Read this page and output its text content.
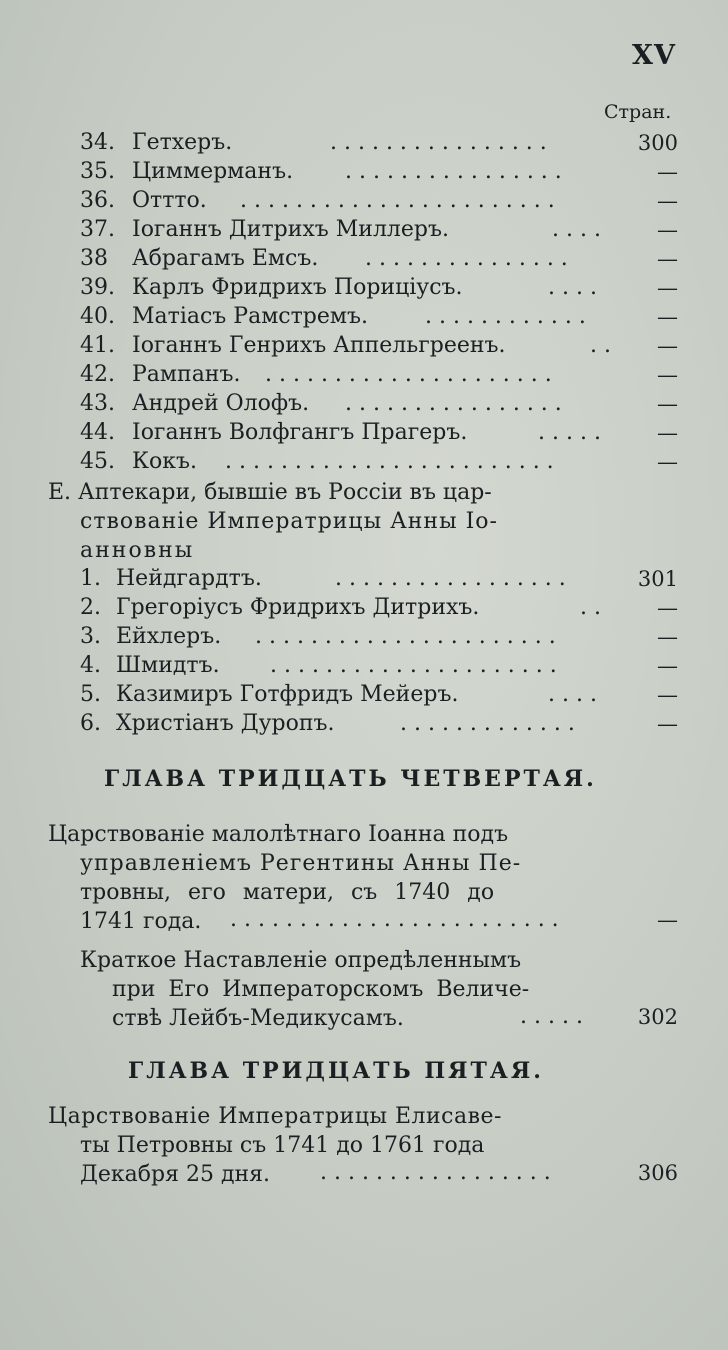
XV
Стран.
34. Гетхеръ.	. . . . . . . . . . . . . . . .	300
35. Циммерманъ. . . . . . . . . . . . . . . . .	—
36. Оттто. . . . . . . . . . . . . . . . . . . . . . . .	—
37. Іоганнъ Дитрихъ Миллеръ.	. . . .	—
38 Абрагамъ Емсъ. . . . . . . . . . . . . . . .	—
39. Карлъ Фридрихъ Порицiусъ.	. . . .	—
40. Матiасъ Рамстремъ.	. . . . . . . . . . . .	—
41. Іоганнъ Генрихъ Аппельгреенъ.	. .	—
42. Рампанъ. . . . . . . . . . . . . . . . . . . . . .	—
43. Андрей Олофъ. . . . . . . . . . . . . . . . .	—
44. Іоганнъ Волфгангъ Прагеръ.	. . . . .	—
45. Кокъ. . . . . . . . . . . . . . . . . . . . . . . . .	—
Е. Аптекари, бывшiе въ Россiи въ цар-
ствованiе Императрицы Анны Іо-
анновны
1. Нейдгардтъ.	. . . . . . . . . . . . . . . . .	301
2. Грегорiусъ Фридрихъ Дитрихъ.	. .	—
3. Ейхлеръ. . . . . . . . . . . . . . . . . . . . . . .	—
4. Шмидтъ. . . . . . . . . . . . . . . . . . . . . .	—
5. Казимиръ Готфридъ Мейеръ.	. . . .	—
6. Христiанъ Дуропъ.	. . . . . . . . . . . . .	—
ГЛАВА ТРИДЦАТЬ ЧЕТВЕРТАЯ.
Царствованiе малолѣтнаго Іоанна подъ
управленiемъ Регентины Анны Пе-
тровны, его матери, съ 1740 до
1741 года. . . . . . . . . . . . . . . . . . . . . . . . .	—
Краткое Наставленiе опредѣленнымъ
при Его Императорскомъ Величе-
ствѣ Лейбъ-Медикусамъ.	. . . . .	302
ГЛАВА ТРИДЦАТЬ ПЯТАЯ.
Царствованiе Императрицы Елисаве-
ты Петровны съ 1741 до 1761 года
Декабря 25 дня. . . . . . . . . . . . . . . . . .	306
